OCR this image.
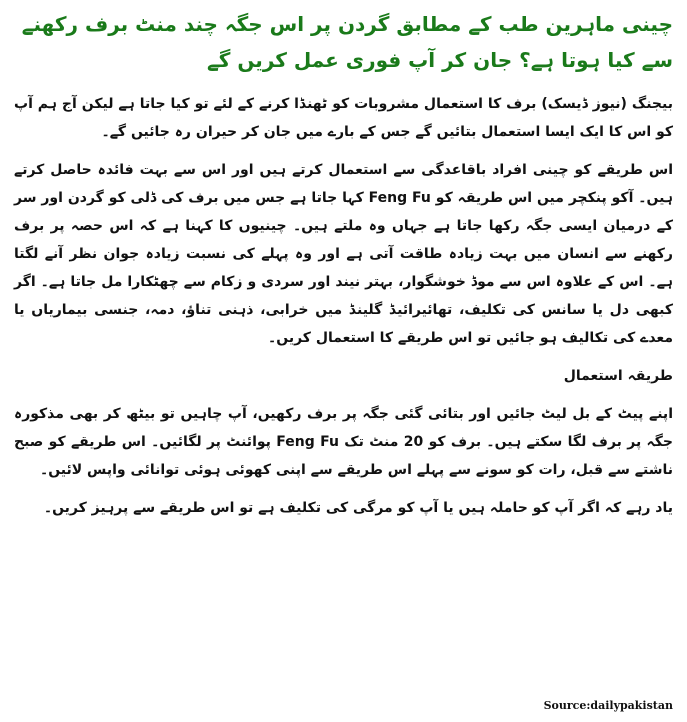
چینی ماہرین طب کے مطابق گردن پر اس جگہ چند منٹ برف رکھنے سے کیا ہوتا ہے؟ جان کر آپ فوری عمل کریں گے

بیجنگ (نیوز ڈیسک) برف کا استعمال مشروبات کو ٹھنڈا کرنے کے لئے تو کیا جاتا ہے لیکن آج ہم آپ کو اس کا ایک ایسا استعمال بتائیں گے جس کے بارے میں جان کر حیران رہ جائیں گے۔

اس طریقے کو چینی افراد باقاعدگی سے استعمال کرتے ہیں اور اس سے بہت فائدہ حاصل کرتے ہیں۔ آکو پنکچر میں اس طریقہ کو Feng Fu کہا جاتا ہے جس میں برف کی ڈلی کو گردن اور سر کے درمیان ایسی جگہ رکھا جاتا ہے جہاں وہ ملتے ہیں۔ چینیوں کا کہنا ہے کہ اس حصہ پر برف رکھنے سے انسان میں بہت زیادہ طاقت آتی ہے اور وہ پہلے کی نسبت زیادہ جوان نظر آنے لگتا ہے۔ اس کے علاوہ اس سے موڈ خوشگوار، بہتر نیند اور سردی و زکام سے چھٹکارا مل جاتا ہے۔ اگر کبھی دل یا سانس کی تکلیف، تھائیرائیڈ گلینڈ میں خرابی، ذہنی تناؤ، دمہ، جنسی بیماریاں یا معدے کی تکالیف ہو جائیں تو اس طریقے کا استعمال کریں۔

طریقہ استعمال

اپنے پیٹ کے بل لیٹ جائیں اور بتائی گئی جگہ پر برف رکھیں، آپ چاہیں تو بیٹھ کر بھی مذکورہ جگہ پر برف لگا سکتے ہیں۔ برف کو 20 منٹ تک Feng Fu پوائنٹ پر لگائیں۔ اس طریقے کو صبح ناشتے سے قبل، رات کو سونے سے پہلے اس طریقے سے اپنی کھوئی ہوئی توانائی واپس لائیں۔

یاد رہے کہ اگر آپ کو حاملہ ہیں یا آپ کو مرگی کی تکلیف ہے تو اس طریقے سے پرہیز کریں۔

Source:dailypakistan
